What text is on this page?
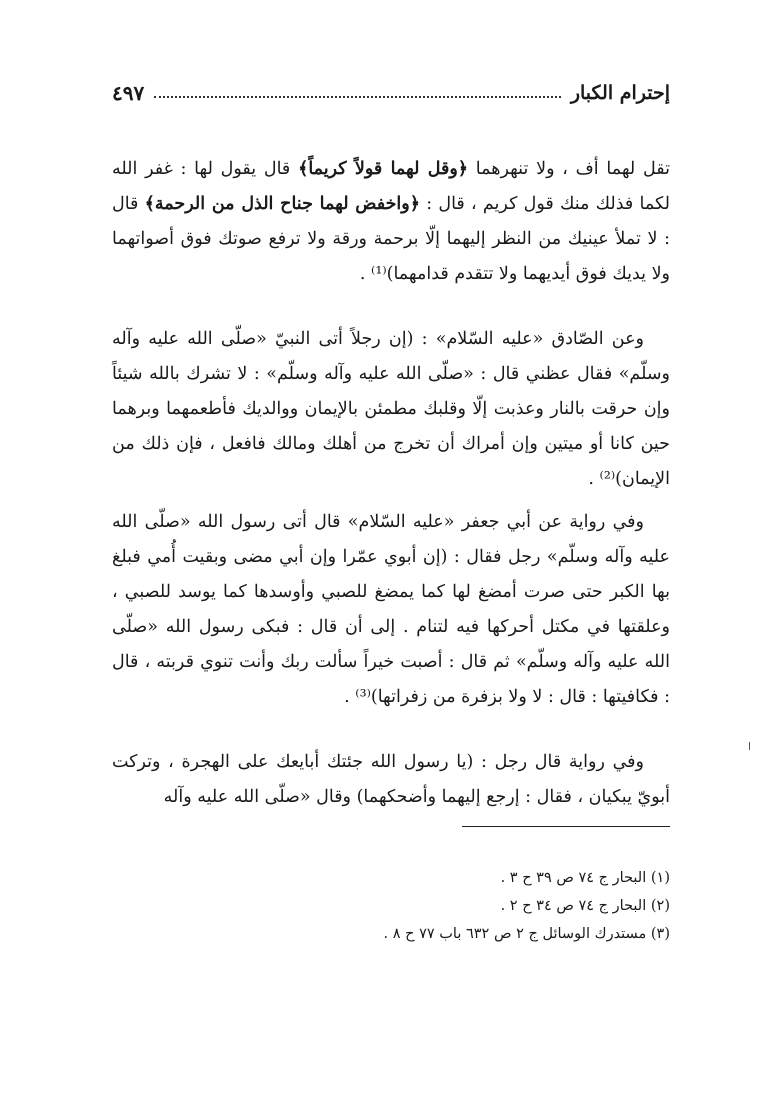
إحترام الكبار
٤٩٧

تقل لهما أف ، ولا تنهرهما ﴿وقل لهما قولاً كريماً﴾ قال يقول لها : غفر الله لكما فذلك منك قول كريم ، قال : ﴿واخفض لهما جناح الذل من الرحمة﴾ قال : لا تملأ عينيك من النظر إليهما إلّا برحمة ورقة ولا ترفع صوتك فوق أصواتهما ولا يديك فوق أيديهما ولا تتقدم قدامهما)⁽¹⁾ .

وعن الصّادق «عليه السّلام» : (إن رجلاً أتى النبيّ «صلّى الله عليه وآله وسلّم» فقال عظني قال : «صلّى الله عليه وآله وسلّم» : لا تشرك بالله شيئاً وإن حرقت بالنار وعذبت إلّا وقلبك مطمئن بالإيمان ووالديك فأطعمهما وبرهما حين كانا أو ميتين وإن أمراك أن تخرج من أهلك ومالك فافعل ، فإن ذلك من الإيمان)⁽²⁾ .

وفي رواية عن أبي جعفر «عليه السّلام» قال أتى رسول الله «صلّى الله عليه وآله وسلّم» رجل فقال : (إن أبوي عمّرا وإن أبي مضى وبقيت أُمي فبلغ بها الكبر حتى صرت أمضغ لها كما يمضغ للصبي وأوسدها كما يوسد للصبي ، وعلقتها في مكتل أحركها فيه لتنام . إلى أن قال : فبكى رسول الله «صلّى الله عليه وآله وسلّم» ثم قال : أصبت خيراً سألت ربك وأنت تنوي قربته ، قال : فكافيتها : قال : لا ولا بزفرة من زفراتها)⁽³⁾ .

وفي رواية قال رجل : (يا رسول الله جئتك أبايعك على الهجرة ، وتركت أبويّ يبكيان ، فقال : إرجع إليهما وأضحكهما) وقال «صلّى الله عليه وآله

(١) البحار ج ٧٤ ص ٣٩ ح ٣ .

(٢) البحار ج ٧٤ ص ٣٤ ح ٢ .

(٣) مستدرك الوسائل ج ٢ ص ٦٣٢ باب ٧٧ ح ٨ .
